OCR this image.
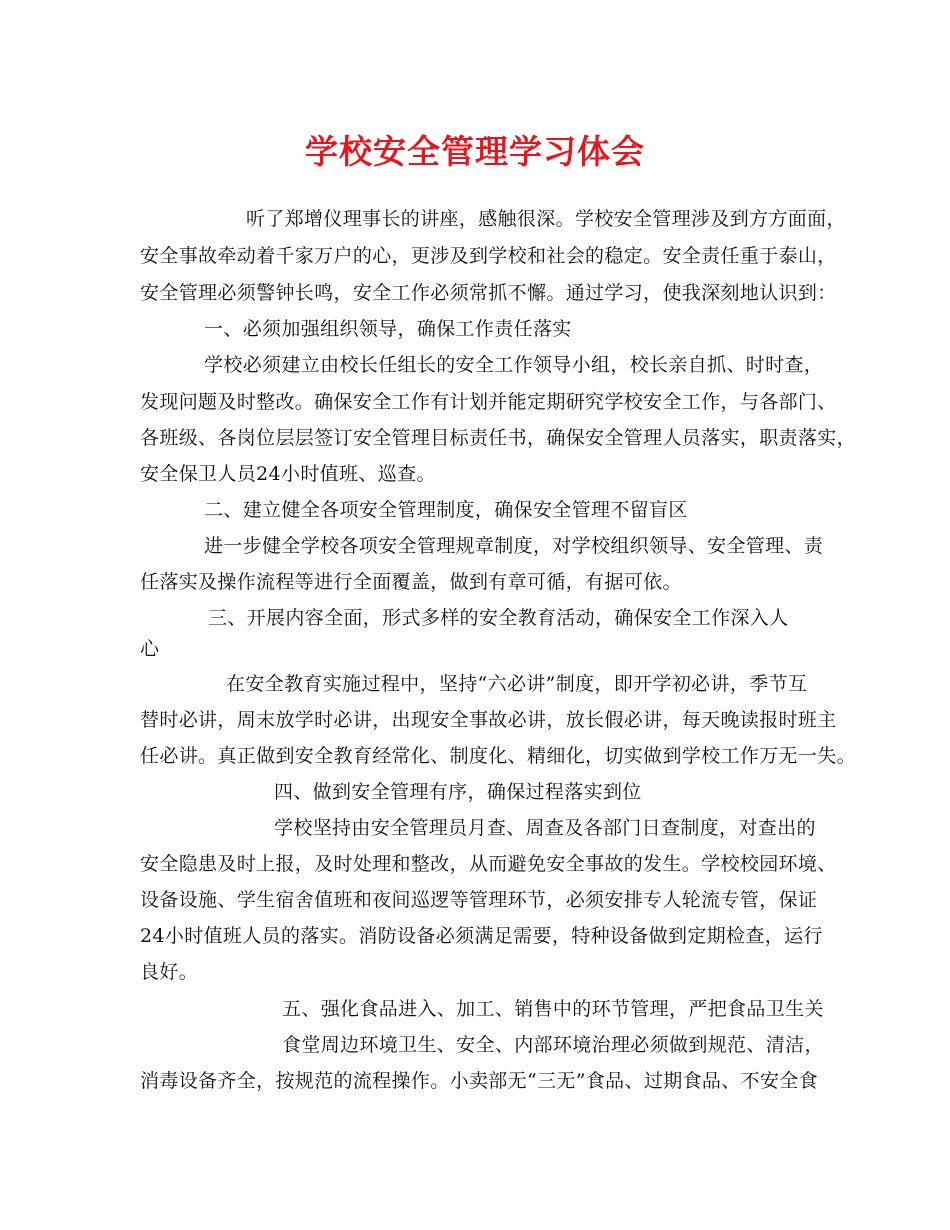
学校安全管理学习体会
听了郑增仪理事长的讲座，感触很深。学校安全管理涉及到方方面面，
安全事故牵动着千家万户的心，更涉及到学校和社会的稳定。安全责任重于泰山，
安全管理必须警钟长鸣，安全工作必须常抓不懈。通过学习，使我深刻地认识到：
一、必须加强组织领导，确保工作责任落实
学校必须建立由校长任组长的安全工作领导小组，校长亲自抓、时时查，
发现问题及时整改。确保安全工作有计划并能定期研究学校安全工作，与各部门、
各班级、各岗位层层签订安全管理目标责任书，确保安全管理人员落实，职责落实，
安全保卫人员24小时值班、巡查。
二、建立健全各项安全管理制度，确保安全管理不留盲区
进一步健全学校各项安全管理规章制度，对学校组织领导、安全管理、责
任落实及操作流程等进行全面覆盖，做到有章可循，有据可依。
三、开展内容全面，形式多样的安全教育活动，确保安全工作深入人
心
在安全教育实施过程中，坚持“六必讲”制度，即开学初必讲，季节互
替时必讲，周末放学时必讲，出现安全事故必讲，放长假必讲，每天晚读报时班主
任必讲。真正做到安全教育经常化、制度化、精细化，切实做到学校工作万无一失。
四、做到安全管理有序，确保过程落实到位
学校坚持由安全管理员月查、周查及各部门日查制度，对查出的
安全隐患及时上报，及时处理和整改，从而避免安全事故的发生。学校校园环境、
设备设施、学生宿舍值班和夜间巡逻等管理环节，必须安排专人轮流专管，保证
24小时值班人员的落实。消防设备必须满足需要，特种设备做到定期检查，运行
良好。
五、强化食品进入、加工、销售中的环节管理，严把食品卫生关
食堂周边环境卫生、安全、内部环境治理必须做到规范、清洁，
消毒设备齐全，按规范的流程操作。小卖部无“三无”食品、过期食品、不安全食
